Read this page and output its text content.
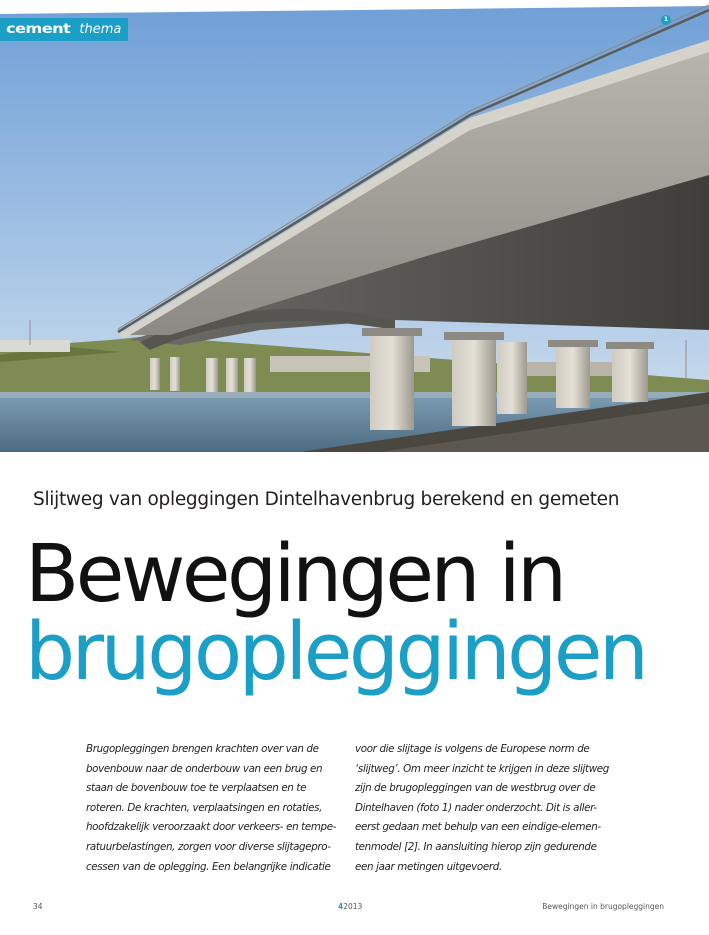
cement thema
1
Slijtweg van opleggingen Dintelhavenbrug berekend en gemeten
Bewegingen in
brugopleggingen
Brugopleggingen brengen krachten over van de
bovenbouw naar de onderbouw van een brug en
staan de bovenbouw toe te verplaatsen en te
roteren. De krachten, verplaatsingen en rotaties,
hoofdzakelijk veroorzaakt door verkeers- en tempe-
ratuurbelastingen, zorgen voor diverse slijtagepro-
cessen van de oplegging. Een belangrijke indicatie
voor die slijtage is volgens de Europese norm de
‘slijtweg’. Om meer inzicht te krijgen in deze slijtweg
zijn de brugopleggingen van de westbrug over de
Dintelhaven (foto 1) nader onderzocht. Dit is aller-
eerst gedaan met behulp van een eindige-elemen-
tenmodel [2]. In aansluiting hierop zijn gedurende
een jaar metingen uitgevoerd.
34	42013	Bewegingen in brugopleggingen
